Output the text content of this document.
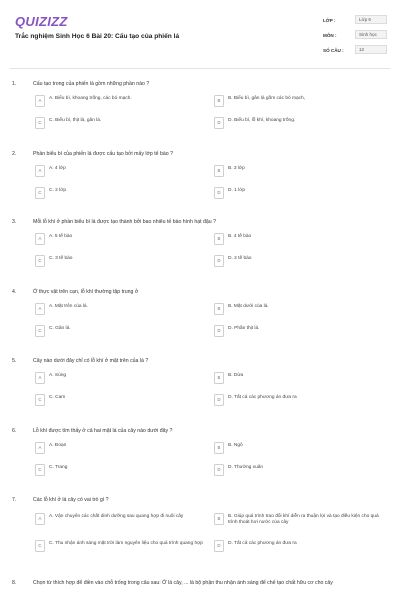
QUIZIZZ
Trắc nghiệm Sinh Học 6 Bài 20: Cấu tạo của phiến lá
LỚP :	Lớp 6
MÔN :	Sinh học
SỐ CÂU :	12
1.	Cấu tạo trong của phiến lá gồm những phần nào ?
A	A. Biểu bì, khoang trống, các bó mạch.	B	B. Biểu bì, gân lá gồm các bó mạch,
C	C. Biểu bì, thịt lá, gân lá.	D	D. Biểu bì, lỗ khí, khoang trống.
2.	Phần biểu bì của phiến lá được cấu tạo bởi mấy lớp tế bào ?
A	A. 4 lớp	B	B. 3 lớp
C	C. 2 lớp	D	D. 1 lớp
3.	Mỗi lỗ khí ở phần biểu bì lá được tạo thành bởi bao nhiêu tế bào hình hạt đậu ?
A	A. 5 tế bào	B	B. 4 tế bào
C	C. 3 tế bào	D	D. 2 tế bào
4.	Ở thực vật trên cạn, lỗ khí thường tập trung ở
A	A. Mặt trên của lá.	B	B. Mặt dưới của lá.
C	C. Gân lá.	D	D. Phần thịt lá.
5.	Cây nào dưới đây chỉ có lỗ khí ở mặt trên của lá ?
A	A. Súng	B	B. Dừa
C	C. Cam	D	D. Tất cả các phương án đưa ra
6.	Lỗ khí được tìm thấy ở cả hai mặt lá của cây nào dưới đây ?
A	A. Đoạn	B	B. Ngô
C	C. Trang	D	D. Thường xuân
7.	Các lỗ khí ở lá cây có vai trò gì ?
A	A. Vận chuyển các chất dinh dưỡng sau quang hợp đi nuôi cây	B	B. Giúp quá trình trao đổi khí diễn ra thuận lợi và tạo điều kiện cho quá trình thoát hơi nước của cây
C	C. Thu nhận ánh sáng mặt trời làm nguyên liệu cho quá trình quang hợp	D	D. Tất cả các phương án đưa ra
8.	Chọn từ thích hợp để điền vào chỗ trống trong câu sau: Ở lá cây, ... là bộ phận thu nhận ánh sáng để chế tạo chất hữu cơ cho cây
